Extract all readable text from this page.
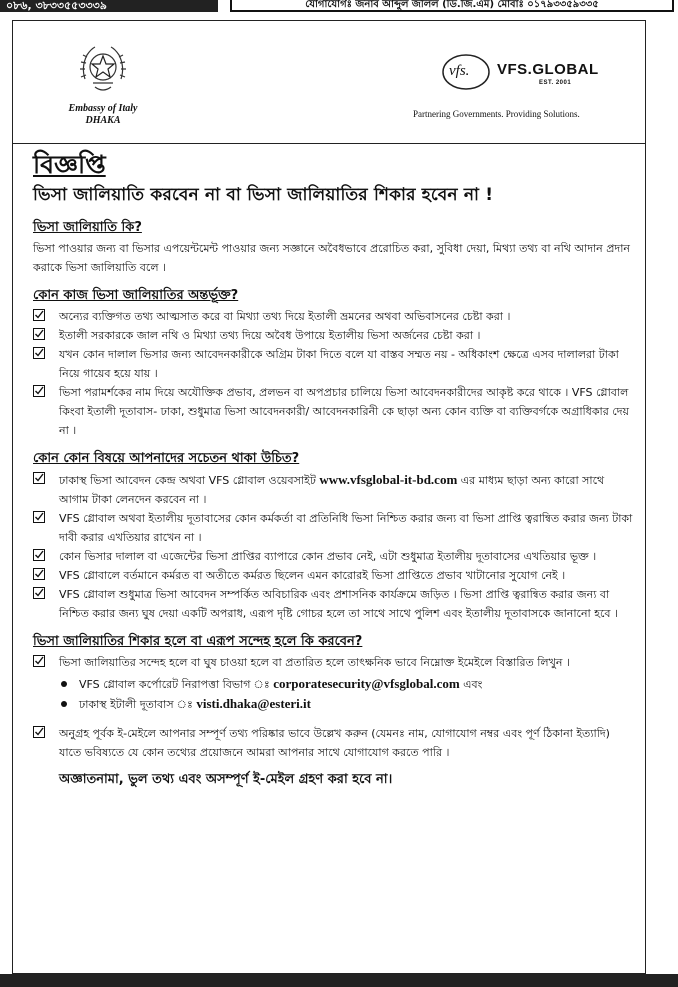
০৮৬, ৩৮৩৩৫৫৩৩৩৯	যোগাযোগঃ জনাব আব্দুল জলিল (ডি.জি.এম) মোবাঃ ০১৭৯৩৩৫৯৩৩৫
Embassy of Italy
DHAKA
vfs. VFS.GLOBAL
EST. 2001
Partnering Governments. Providing Solutions.
বিজ্ঞপ্তি
ভিসা জালিয়াতি করবেন না বা ভিসা জালিয়াতির শিকার হবেন না !
ভিসা জালিয়াতি কি?

ভিসা পাওয়ার জন্য বা ভিসার এপয়েন্টমেন্ট পাওয়ার জন্য সজ্ঞানে অবৈধভাবে প্ররোচিত করা, সুবিধা দেয়া, মিথ্যা তথ্য বা নথি আদান প্রদান করাকে ভিসা জালিয়াতি বলে ।

কোন কাজ ভিসা জালিয়াতির অন্তর্ভূক্ত?
অন্যের ব্যক্তিগত তথ্য আত্মসাত করে বা মিথ্যা তথ্য দিয়ে ইতালী ভ্রমনের অথবা অভিবাসনের চেষ্টা করা ।
ইতালী সরকারকে জাল নথি ও মিথ্যা তথ্য দিয়ে অবৈধ উপায়ে ইতালীয় ভিসা অর্জনের চেষ্টা করা ।
যখন কোন দালাল ভিসার জন্য আবেদনকারীকে অগ্রিম টাকা দিতে বলে যা বাস্তব সম্মত নয় - অধিকাংশ ক্ষেত্রে এসব দালালরা টাকা নিয়ে গায়েব হয়ে যায় ।
ভিসা পরামর্শকের নাম দিয়ে অযৌক্তিক প্রভাব, প্রলভন বা অপপ্রচার চালিয়ে ভিসা আবেদনকারীদের আকৃষ্ট করে থাকে । VFS গ্লোবাল কিংবা ইতালী দূতাবাস- ঢাকা, শুধুমাত্র ভিসা আবেদনকারী/ আবেদনকারিনী কে ছাড়া অন্য কোন ব্যক্তি বা ব্যক্তিবর্গকে অগ্রাধিকার দেয় না ।
কোন কোন বিষয়ে আপনাদের সচেতন থাকা উচিত?
ঢাকাস্থ ভিসা আবেদন কেন্দ্র অথবা VFS গ্লোবাল ওয়েবসাইট www.vfsglobal-it-bd.com এর মাধ্যম ছাড়া অন্য কারো সাথে আগাম টাকা লেনদেন করবেন না ।
VFS গ্লোবাল অথবা ইতালীয় দূতাবাসের কোন কর্মকর্তা বা প্রতিনিধি ভিসা নিশ্চিত করার জন্য বা ভিসা প্রাপ্তি ত্বরান্বিত করার জন্য টাকা দাবী করার এখতিয়ার রাখেন না ।
কোন ভিসার দালাল বা এজেন্টের ভিসা প্রাপ্তির ব্যাপারে কোন প্রভাব নেই, এটা শুধুমাত্র ইতালীয় দূতাবাসের এখতিয়ার ভূক্ত ।
VFS গ্লোবালে বর্তমানে কর্মরত বা অতীতে কর্মরত ছিলেন এমন কারোরই ভিসা প্রাপ্তিতে প্রভাব খাটানোর সুযোগ নেই ।
VFS গ্লোবাল শুধুমাত্র ভিসা আবেদন সম্পর্কিত অবিচারিক এবং প্রশাসনিক কার্যক্রমে জড়িত । ভিসা প্রাপ্তি ত্বরান্বিত করার জন্য বা নিশ্চিত করার জন্য ঘুষ দেয়া একটি অপরাধ, এরূপ দৃষ্টি গোচর হলে তা সাথে সাথে পুলিশ এবং ইতালীয় দূতাবাসকে জানানো হবে ।
ভিসা জালিয়াতির শিকার হলে বা এরূপ সন্দেহ হলে কি করবেন?
ভিসা জালিয়াতির সন্দেহ হলে বা ঘুষ চাওয়া হলে বা প্রতারিত হলে তাৎক্ষনিক ভাবে নিম্নোক্ত ইমেইলে বিস্তারিত লিখুন ।
VFS গ্লোবাল কর্পোরেট নিরাপত্তা বিভাগ ঃ corporatesecurity@vfsglobal.com এবং
ঢাকাস্থ ইটালী দূতাবাস ঃ visti.dhaka@esteri.it
অনুগ্রহ পূর্বক ই-মেইলে আপনার সম্পূর্ণ তথ্য পরিষ্কার ভাবে উল্লেখ করুন (যেমনঃ নাম, যোগাযোগ নম্বর এবং পূর্ণ ঠিকানা ইত্যাদি) যাতে ভবিষ্যতে যে কোন তথ্যের প্রয়োজনে আমরা আপনার সাথে যোগাযোগ করতে পারি ।
অজ্ঞাতনামা, ভুল তথ্য এবং অসম্পূর্ণ ই-মেইল গ্রহণ করা হবে না।
